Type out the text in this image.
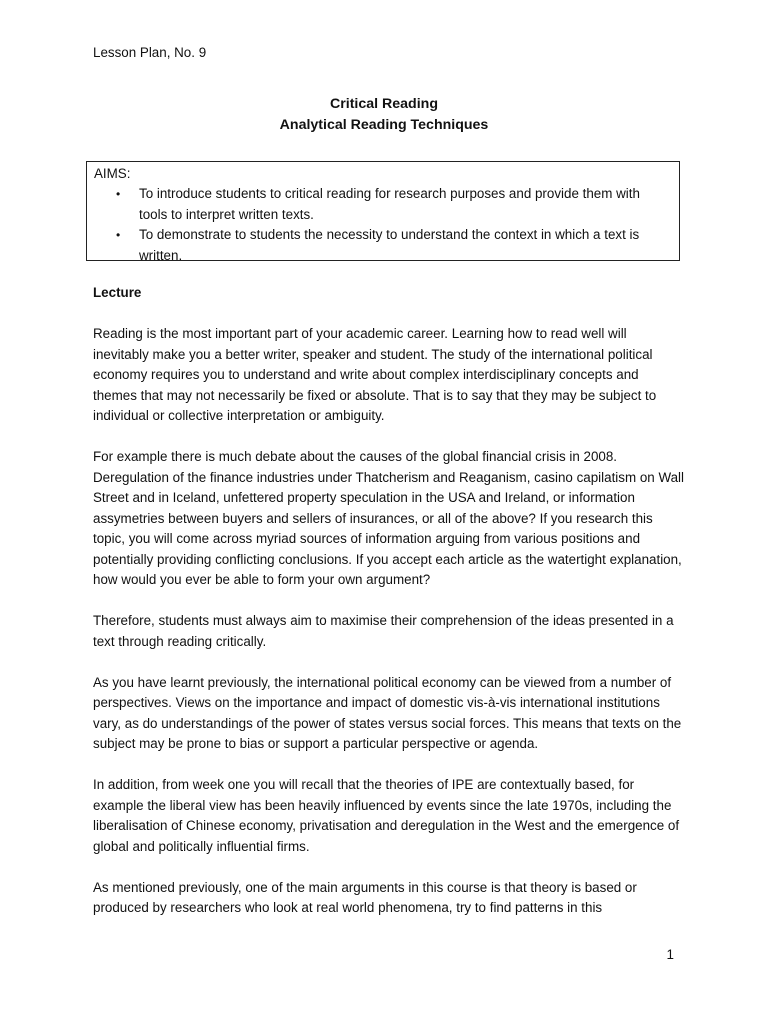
Lesson Plan, No. 9
Critical Reading
Analytical Reading Techniques
AIMS:
• To introduce students to critical reading for research purposes and provide them with tools to interpret written texts.
• To demonstrate to students the necessity to understand the context in which a text is written.
Lecture

Reading is the most important part of your academic career. Learning how to read well will inevitably make you a better writer, speaker and student. The study of the international political economy requires you to understand and write about complex interdisciplinary concepts and themes that may not necessarily be fixed or absolute. That is to say that they may be subject to individual or collective interpretation or ambiguity.

For example there is much debate about the causes of the global financial crisis in 2008. Deregulation of the finance industries under Thatcherism and Reaganism, casino capilatism on Wall Street and in Iceland, unfettered property speculation in the USA and Ireland, or information assymetries between buyers and sellers of insurances, or all of the above? If you research this topic, you will come across myriad sources of information arguing from various positions and potentially providing conflicting conclusions. If you accept each article as the watertight explanation, how would you ever be able to form your own argument?

Therefore, students must always aim to maximise their comprehension of the ideas presented in a text through reading critically.

As you have learnt previously, the international political economy can be viewed from a number of perspectives. Views on the importance and impact of domestic vis-à-vis international institutions vary, as do understandings of the power of states versus social forces. This means that texts on the subject may be prone to bias or support a particular perspective or agenda.

In addition, from week one you will recall that the theories of IPE are contextually based, for example the liberal view has been heavily influenced by events since the late 1970s, including the liberalisation of Chinese economy, privatisation and deregulation in the West and the emergence of global and politically influential firms.

As mentioned previously, one of the main arguments in this course is that theory is based or produced by researchers who look at real world phenomena, try to find patterns in this

1
